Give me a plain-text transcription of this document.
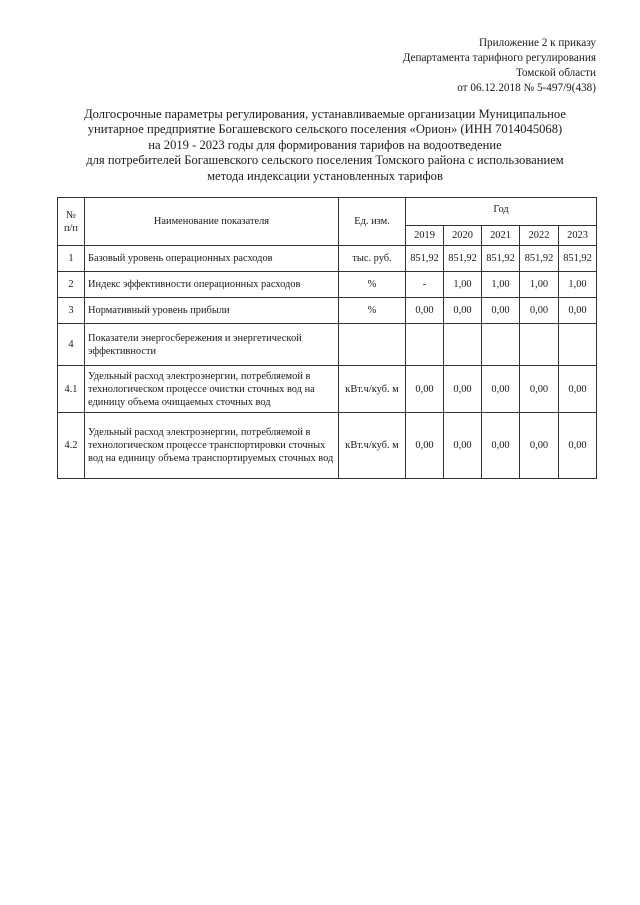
Приложение 2 к приказу
Департамента тарифного регулирования
Томской области
от 06.12.2018 № 5-497/9(438)
Долгосрочные параметры регулирования, устанавливаемые организации Муниципальное
унитарное предприятие Богашевского сельского поселения «Орион» (ИНН 7014045068)
на 2019 - 2023 годы для формирования тарифов на водоотведение
для потребителей Богашевского сельского поселения Томского района с использованием
метода индексации установленных тарифов
№
п/п	Наименование показателя	Ед. изм.	Год				
			2019	2020	2021	2022	2023
1	Базовый уровень операционных расходов	тыс. руб.	851,92	851,92	851,92	851,92	851,92
2	Индекс эффективности операционных расходов	%	-	1,00	1,00	1,00	1,00
3	Нормативный уровень прибыли	%	0,00	0,00	0,00	0,00	0,00
4	Показатели энергосбережения и энергетической эффективности						
4.1	Удельный расход электроэнергии, потребляемой в технологическом процессе очистки сточных вод на единицу объема очищаемых сточных вод	кВт.ч/куб. м	0,00	0,00	0,00	0,00	0,00
4.2	Удельный расход электроэнергии, потребляемой в технологическом процессе транспортировки сточных вод на единицу объема транспортируемых сточных вод	кВт.ч/куб. м	0,00	0,00	0,00	0,00	0,00
